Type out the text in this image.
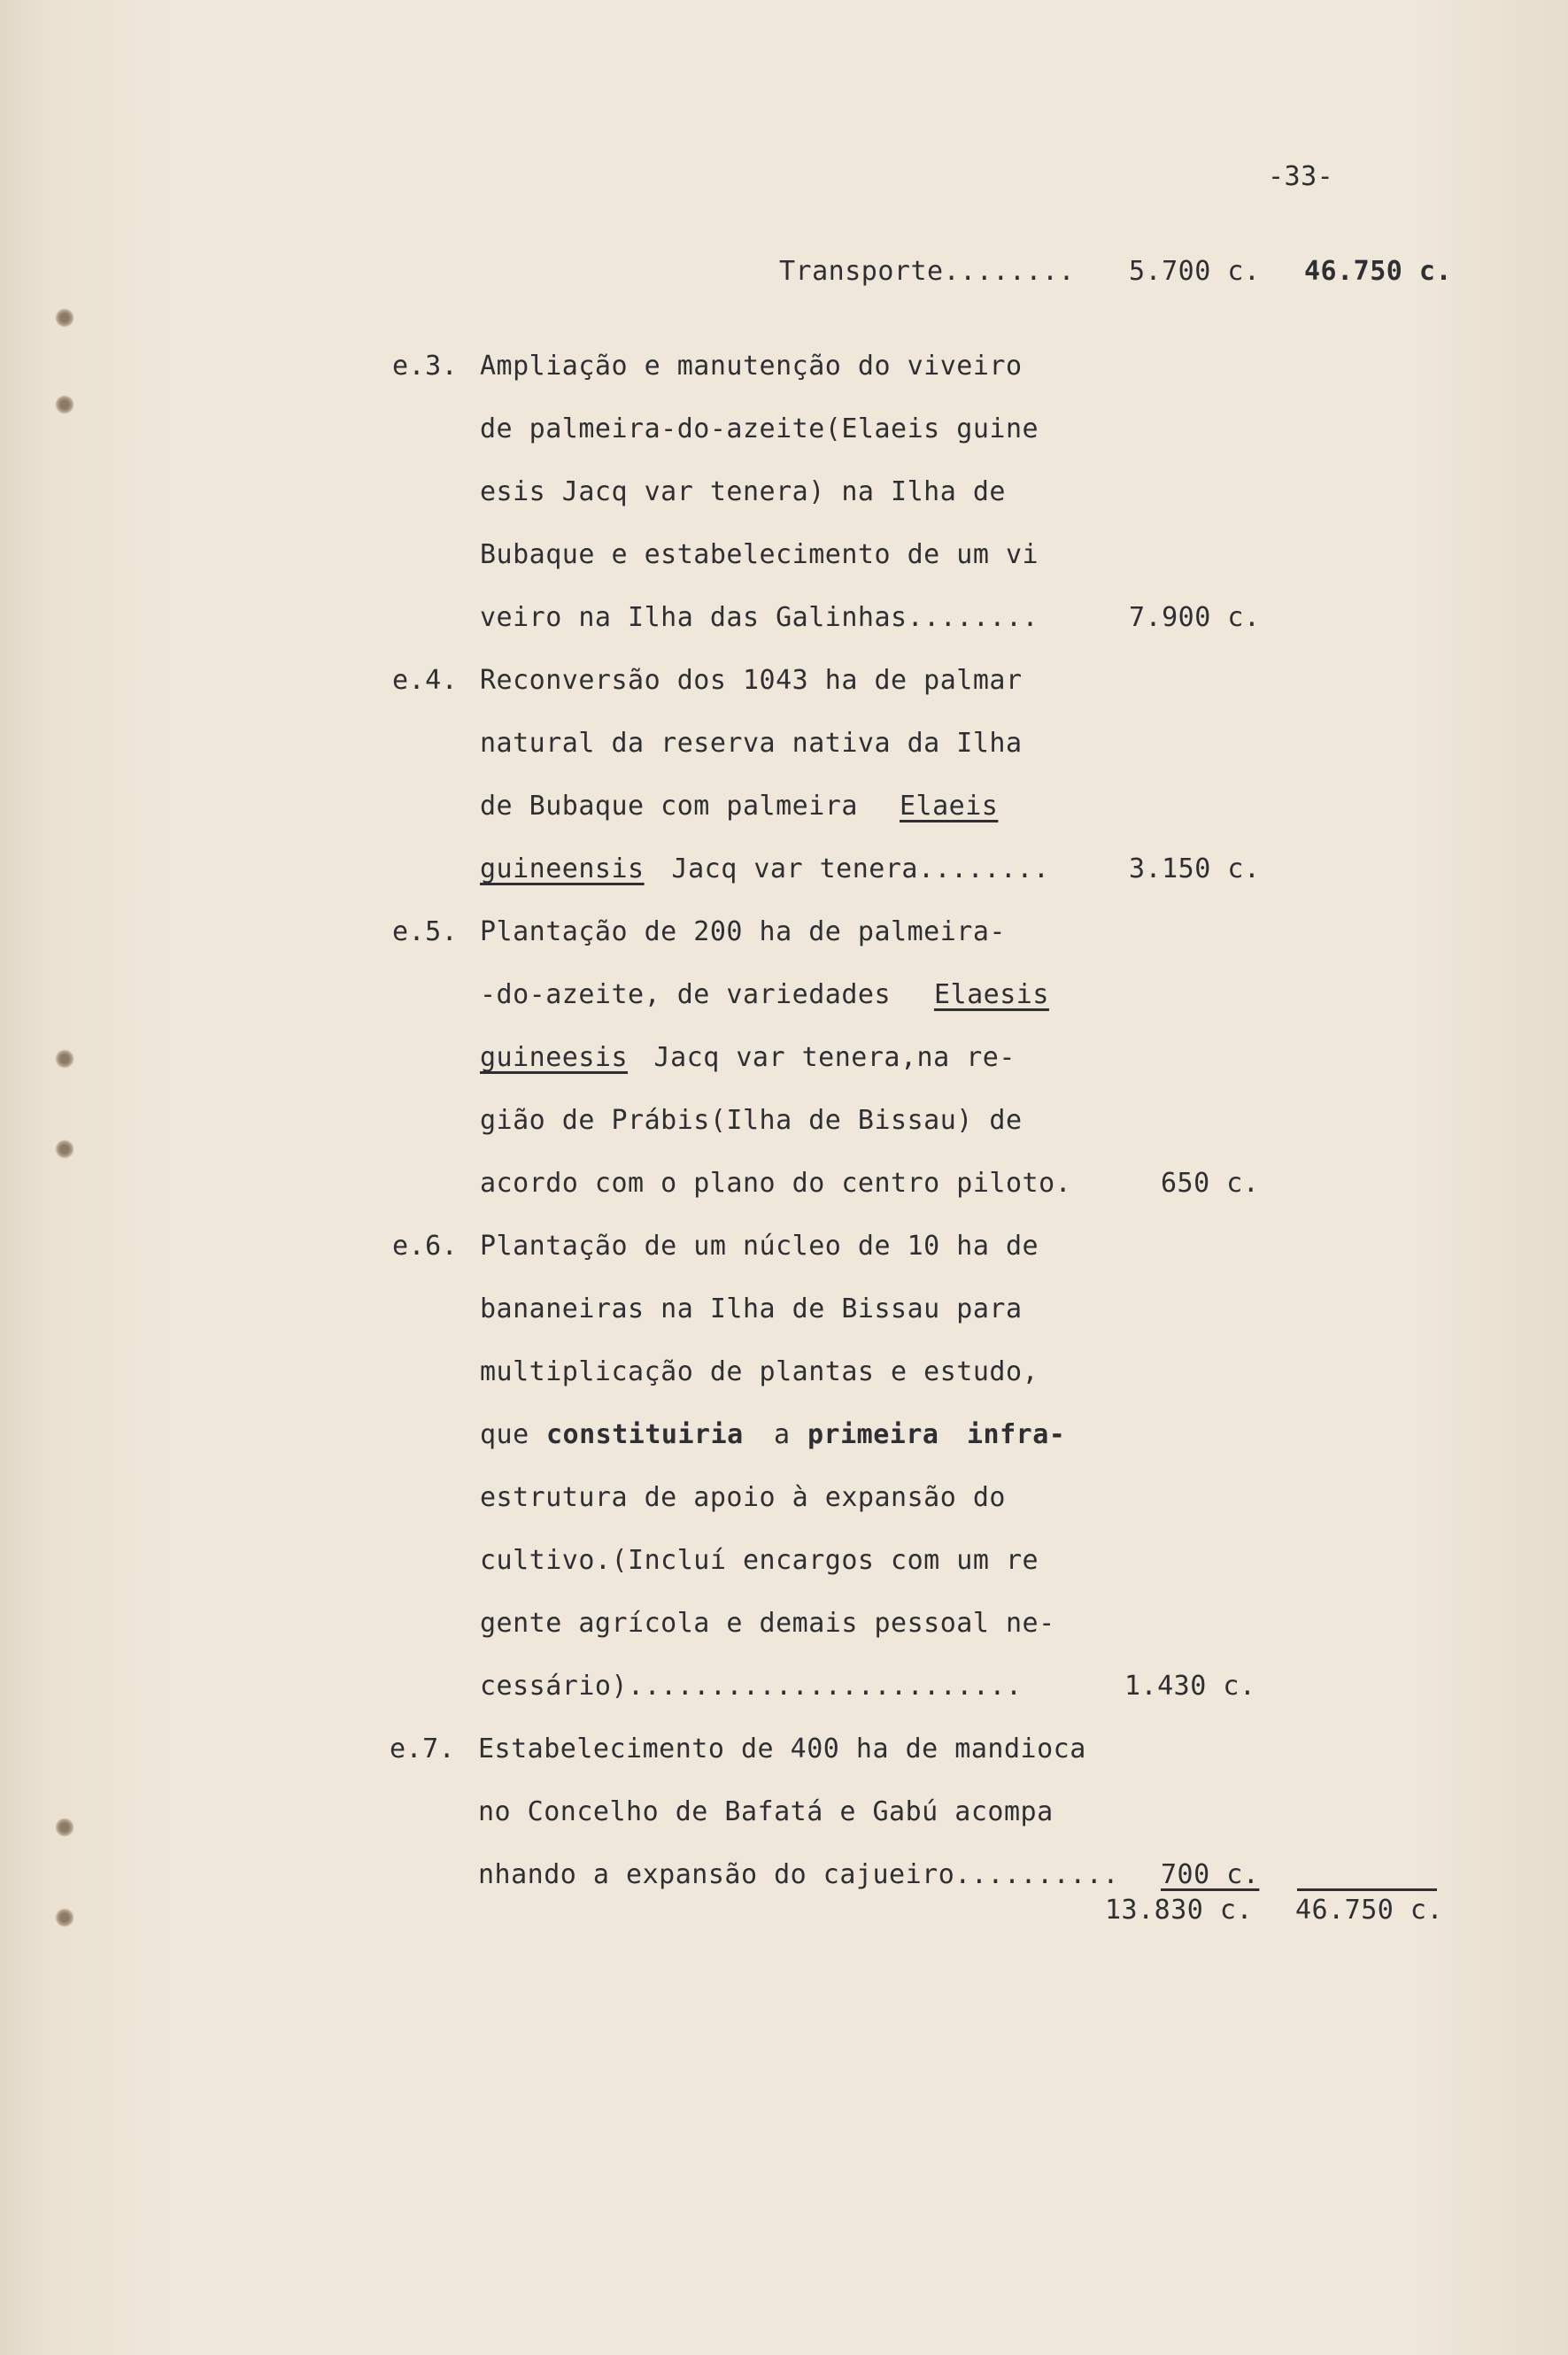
-33-
Transporte........ 5.700 c. 46.750 c.
e.3. Ampliação e manutenção do viveiro
de palmeira-do-azeite(Elaeis guine
esis Jacq var tenera) na Ilha de
Bubaque e estabelecimento de um vi
veiro na Ilha das Galinhas........	7.900 c.
e.4. Reconversão dos 1043 ha de palmar
natural da reserva nativa da Ilha
de Bubaque com palmeira Elaeis
guineensis Jacq var tenera........	3.150 c.
e.5. Plantação de 200 ha de palmeira-
-do-azeite, de variedades Elaesis
guineesis Jacq var tenera,na re-
gião de Prábis(Ilha de Bissau) de
acordo com o plano do centro piloto.	650 c.
e.6. Plantação de um núcleo de 10 ha de
bananeiras na Ilha de Bissau para
multiplicação de plantas e estudo,
que constituiria a primeira infra-
estrutura de apoio à expansão do
cultivo.(Incluí encargos com um re
gente agrícola e demais pessoal ne-
cessário)........................	1.430 c.
e.7. Estabelecimento de 400 ha de mandioca
no Concelho de Bafatá e Gabú acompa
nhando a expansão do cajueiro.......... 700 c.
13.830 c. 46.750 c.
